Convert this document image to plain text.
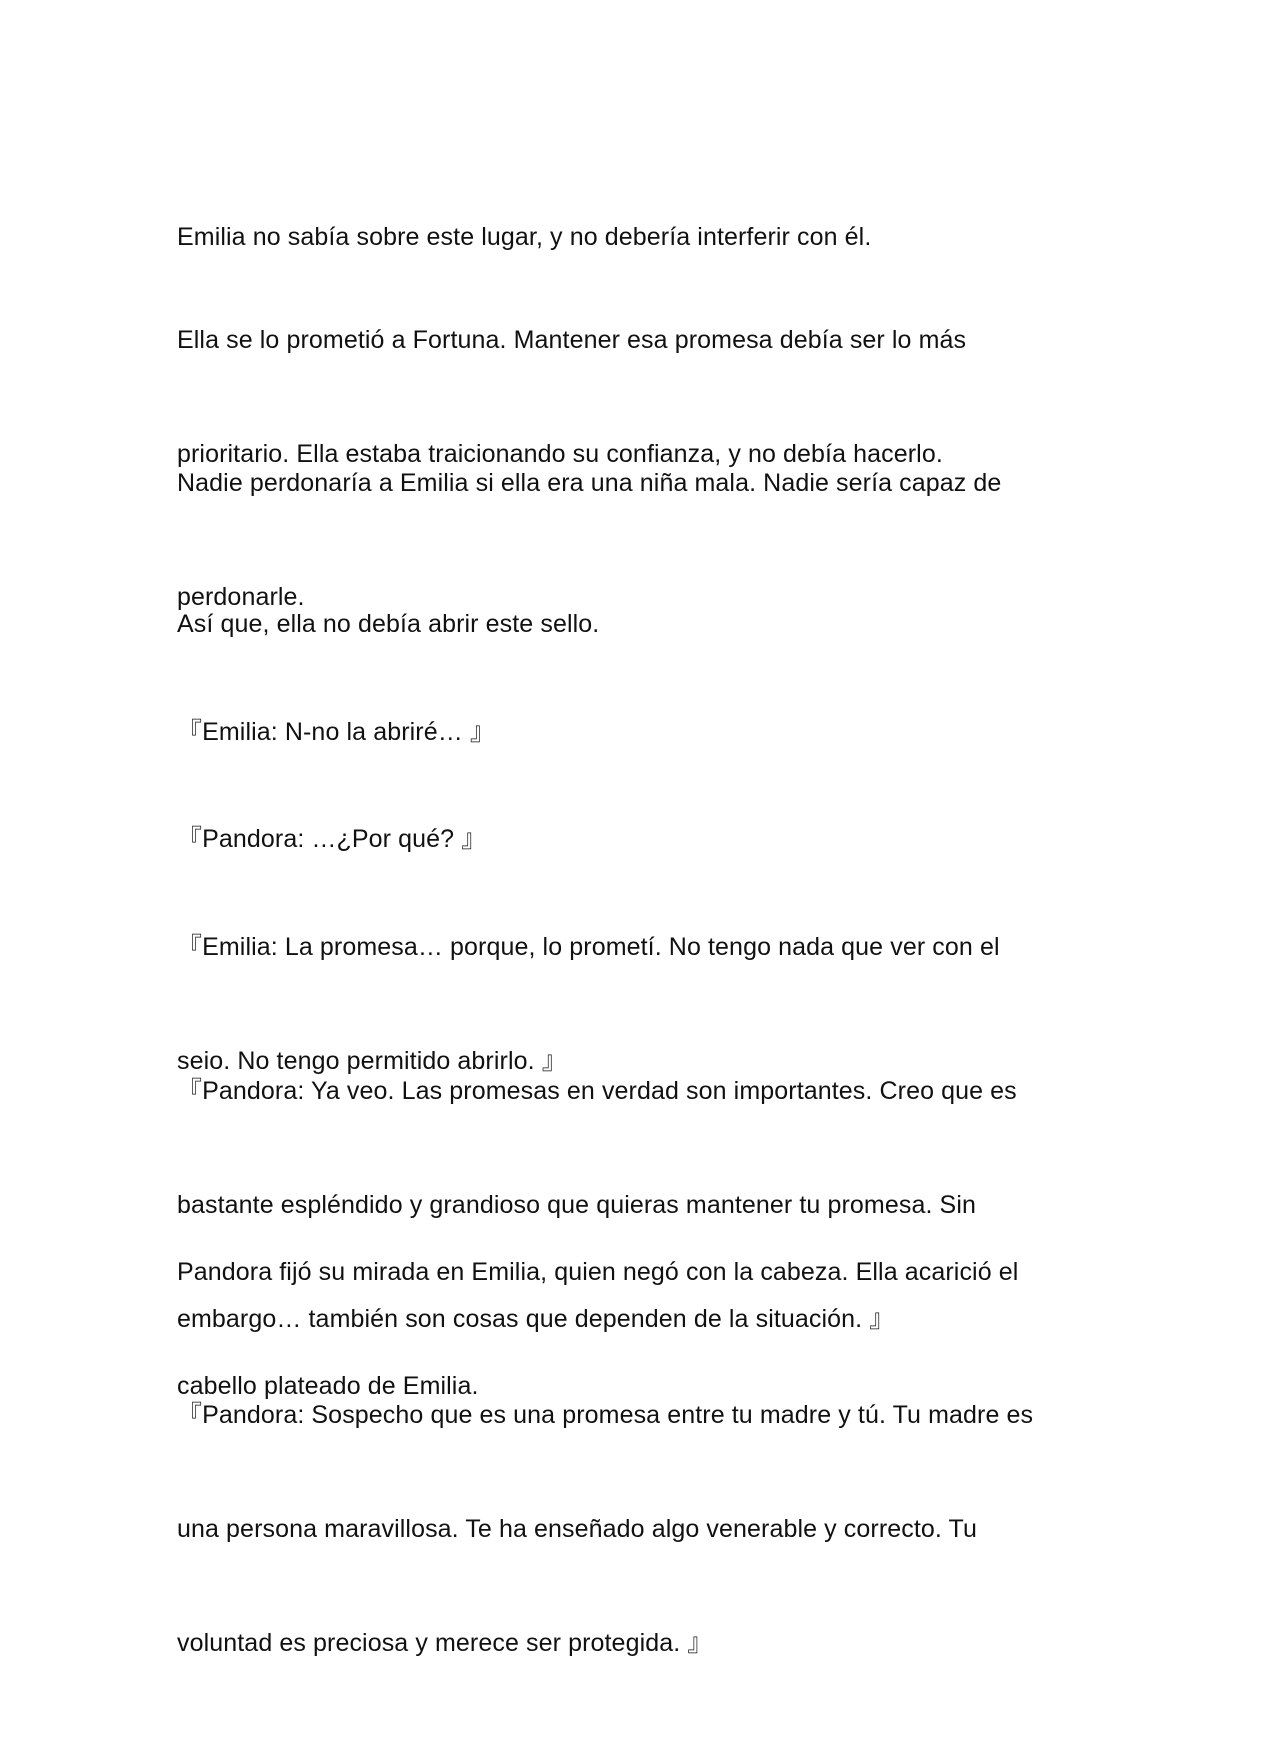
Emilia no sabía sobre este lugar, y no debería interferir con él.

Ella se lo prometió a Fortuna. Mantener esa promesa debía ser lo más

prioritario. Ella estaba traicionando su confianza, y no debía hacerlo.

Nadie perdonaría a Emilia si ella era una niña mala. Nadie sería capaz de

perdonarle.

Así que, ella no debía abrir este sello.

『Emilia: N-no la abriré… 』

『Pandora: …¿Por qué? 』

『Emilia: La promesa… porque, lo prometí. No tengo nada que ver con el

seio. No tengo permitido abrirlo. 』

『Pandora: Ya veo. Las promesas en verdad son importantes. Creo que es

bastante espléndido y grandioso que quieras mantener tu promesa. Sin

embargo… también son cosas que dependen de la situación. 』

Pandora fijó su mirada en Emilia, quien negó con la cabeza. Ella acarició el

cabello plateado de Emilia.

『Pandora: Sospecho que es una promesa entre tu madre y tú. Tu madre es

una persona maravillosa. Te ha enseñado algo venerable y correcto. Tu

voluntad es preciosa y merece ser protegida. 』
